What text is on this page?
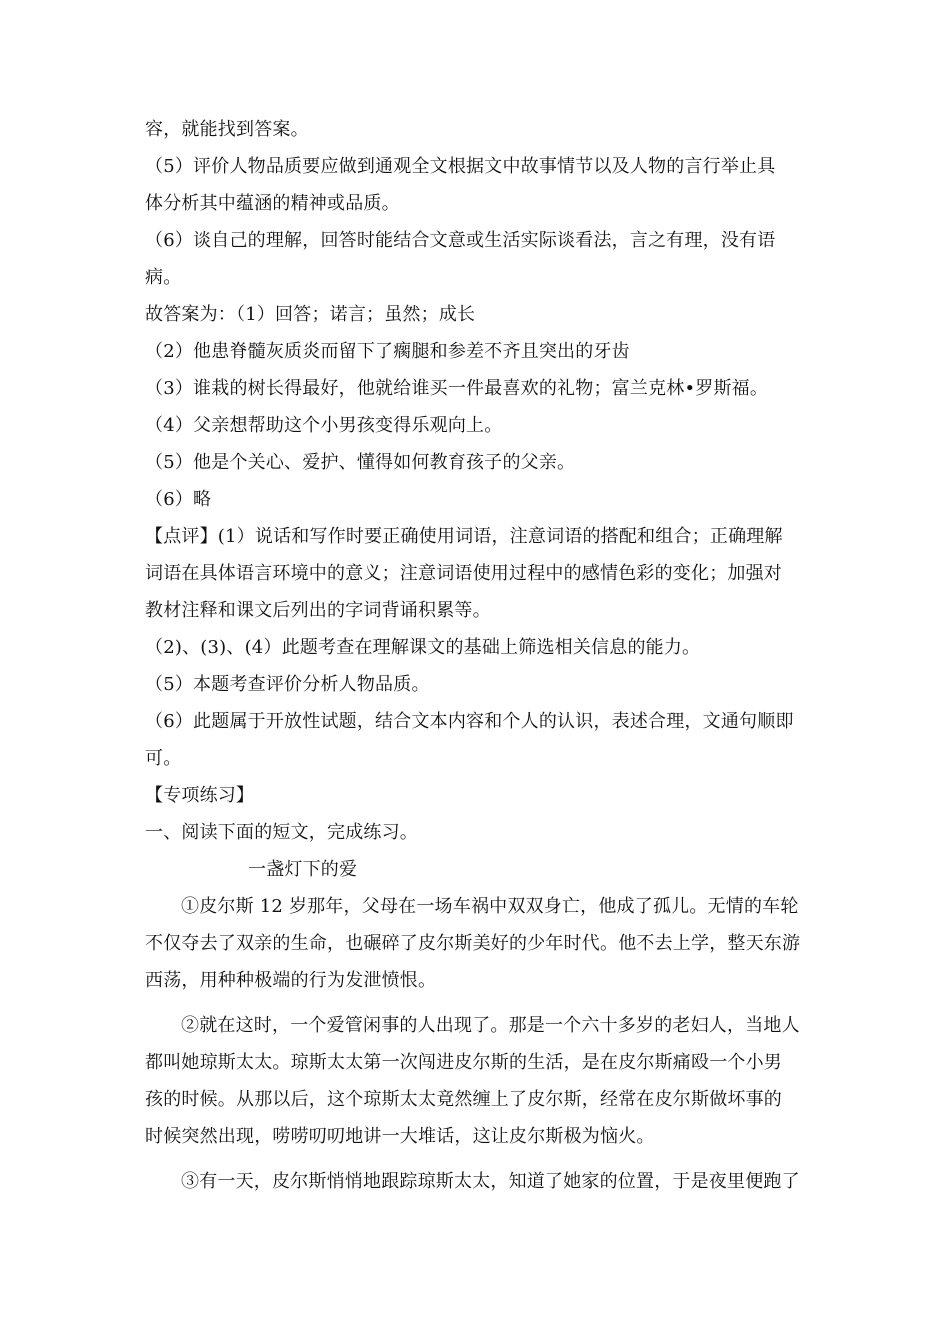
容，就能找到答案。
（5）评价人物品质要应做到通观全文根据文中故事情节以及人物的言行举止具
体分析其中蕴涵的精神或品质。
（6）谈自己的理解，回答时能结合文意或生活实际谈看法，言之有理，没有语
病。
故答案为：（1）回答；诺言；虽然；成长
（2）他患脊髓灰质炎而留下了瘸腿和参差不齐且突出的牙齿
（3）谁栽的树长得最好，他就给谁买一件最喜欢的礼物；富兰克林•罗斯福。
（4）父亲想帮助这个小男孩变得乐观向上。
（5）他是个关心、爱护、懂得如何教育孩子的父亲。
（6）略
【点评】(1）说话和写作时要正确使用词语，注意词语的搭配和组合；正确理解
词语在具体语言环境中的意义；注意词语使用过程中的感情色彩的变化；加强对
教材注释和课文后列出的字词背诵积累等。
（2)、(3)、(4）此题考查在理解课文的基础上筛选相关信息的能力。
（5）本题考查评价分析人物品质。
（6）此题属于开放性试题，结合文本内容和个人的认识，表述合理，文通句顺即
可。
【专项练习】
一、阅读下面的短文，完成练习。
一盏灯下的爱
①皮尔斯 12 岁那年，父母在一场车祸中双双身亡，他成了孤儿。无情的车轮
不仅夺去了双亲的生命，也碾碎了皮尔斯美好的少年时代。他不去上学，整天东游
西荡，用种种极端的行为发泄愤恨。
②就在这时，一个爱管闲事的人出现了。那是一个六十多岁的老妇人，当地人
都叫她琼斯太太。琼斯太太第一次闯进皮尔斯的生活，是在皮尔斯痛殴一个小男
孩的时候。从那以后，这个琼斯太太竟然缠上了皮尔斯，经常在皮尔斯做坏事的
时候突然出现，唠唠叨叨地讲一大堆话，这让皮尔斯极为恼火。
③有一天，皮尔斯悄悄地跟踪琼斯太太，知道了她家的位置，于是夜里便跑了
